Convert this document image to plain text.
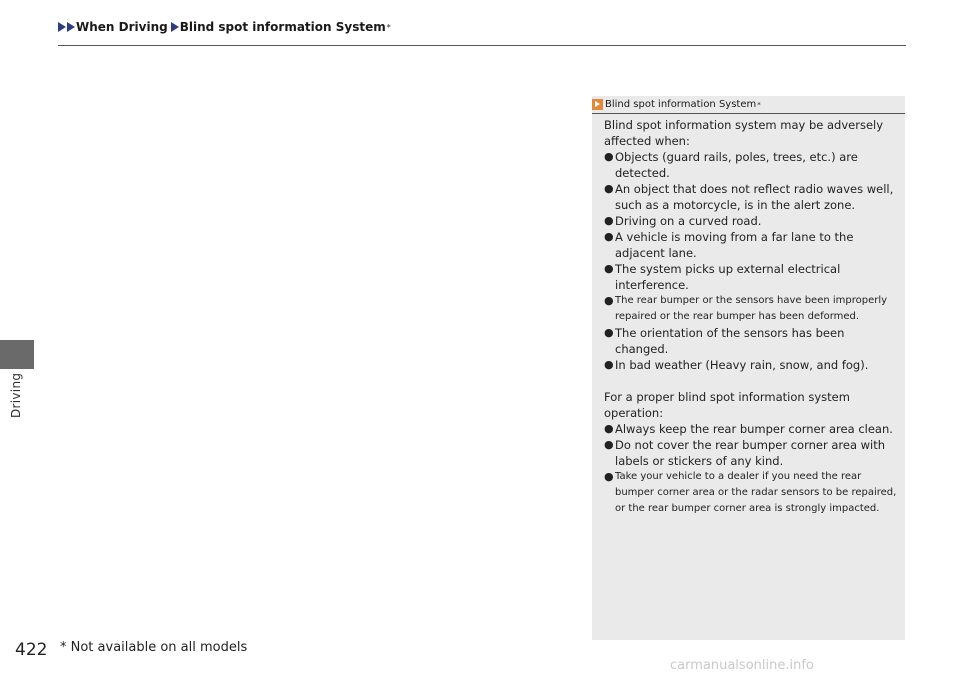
When Driving Blind spot information System *
Driving
Blind spot information System *

Blind spot information system may be adversely affected when:

● Objects (guard rails, poles, trees, etc.) are detected.
● An object that does not reflect radio waves well, such as a motorcycle, is in the alert zone.
● Driving on a curved road.
● A vehicle is moving from a far lane to the adjacent lane.
● The system picks up external electrical interference.
● The rear bumper or the sensors have been improperly repaired or the rear bumper has been deformed.
● The orientation of the sensors has been changed.
● In bad weather (Heavy rain, snow, and fog).

For a proper blind spot information system operation:

● Always keep the rear bumper corner area clean.
● Do not cover the rear bumper corner area with labels or stickers of any kind.
● Take your vehicle to a dealer if you need the rear bumper corner area or the radar sensors to be repaired, or the rear bumper corner area is strongly impacted.
422 * Not available on all models
carmanualsonline.info
